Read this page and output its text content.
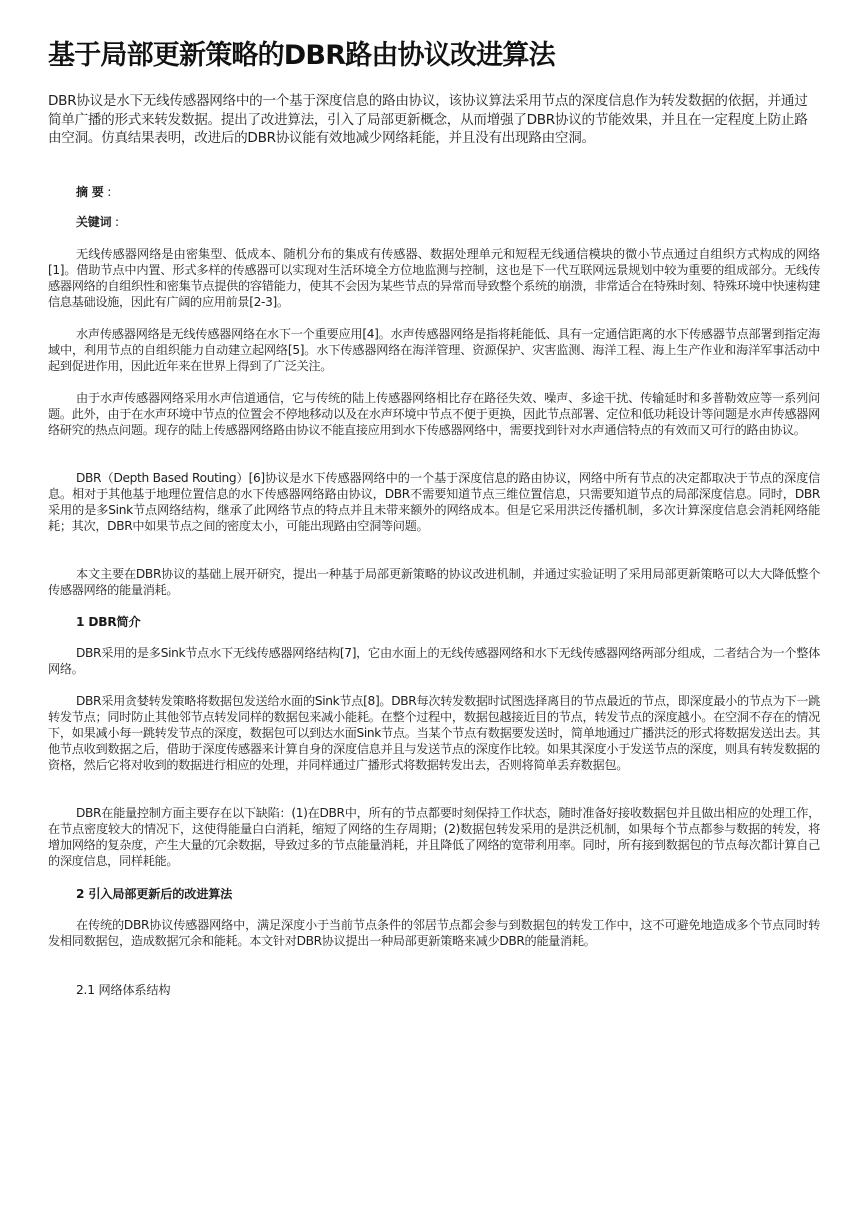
基于局部更新策略的DBR路由协议改进算法
DBR协议是水下无线传感器网络中的一个基于深度信息的路由协议，该协议算法采用节点的深度信息作为转发数据的依据，并通过简单广播的形式来转发数据。提出了改进算法，引入了局部更新概念，从而增强了DBR协议的节能效果，并且在一定程度上防止路由空洞。仿真结果表明，改进后的DBR协议能有效地减少网络耗能，并且没有出现路由空洞。
摘 要 :
关键词 :
无线传感器网络是由密集型、低成本、随机分布的集成有传感器、数据处理单元和短程无线通信模块的微小节点通过自组织方式构成的网络[1]。借助节点中内置、形式多样的传感器可以实现对生活环境全方位地监测与控制，这也是下一代互联网远景规划中较为重要的组成部分。无线传感器网络的自组织性和密集节点提供的容错能力，使其不会因为某些节点的异常而导致整个系统的崩溃，非常适合在特殊时刻、特殊环境中快速构建信息基础设施，因此有广阔的应用前景[2-3]。
水声传感器网络是无线传感器网络在水下一个重要应用[4]。水声传感器网络是指将耗能低、具有一定通信距离的水下传感器节点部署到指定海域中，利用节点的自组织能力自动建立起网络[5]。水下传感器网络在海洋管理、资源保护、灾害监测、海洋工程、海上生产作业和海洋军事活动中起到促进作用，因此近年来在世界上得到了广泛关注。
由于水声传感器网络采用水声信道通信，它与传统的陆上传感器网络相比存在路径失效、噪声、多途干扰、传输延时和多普勒效应等一系列问题。此外，由于在水声环境中节点的位置会不停地移动以及在水声环境中节点不便于更换，因此节点部署、定位和低功耗设计等问题是水声传感器网络研究的热点问题。现存的陆上传感器网络路由协议不能直接应用到水下传感器网络中，需要找到针对水声通信特点的有效而又可行的路由协议。
DBR（Depth Based Routing）[6]协议是水下传感器网络中的一个基于深度信息的路由协议，网络中所有节点的决定都取决于节点的深度信息。相对于其他基于地理位置信息的水下传感器网络路由协议，DBR不需要知道节点三维位置信息，只需要知道节点的局部深度信息。同时，DBR采用的是多Sink节点网络结构，继承了此网络节点的特点并且未带来额外的网络成本。但是它采用洪泛传播机制，多次计算深度信息会消耗网络能耗；其次，DBR中如果节点之间的密度太小，可能出现路由空洞等问题。
本文主要在DBR协议的基础上展开研究，提出一种基于局部更新策略的协议改进机制，并通过实验证明了采用局部更新策略可以大大降低整个传感器网络的能量消耗。
1 DBR简介
DBR采用的是多Sink节点水下无线传感器网络结构[7]，它由水面上的无线传感器网络和水下无线传感器网络两部分组成，二者结合为一个整体网络。
DBR采用贪婪转发策略将数据包发送给水面的Sink节点[8]。DBR每次转发数据时试图选择离目的节点最近的节点，即深度最小的节点为下一跳转发节点；同时防止其他邻节点转发同样的数据包来减小能耗。在整个过程中，数据包越接近目的节点，转发节点的深度越小。在空洞不存在的情况下，如果减小每一跳转发节点的深度，数据包可以到达水面Sink节点。当某个节点有数据要发送时，简单地通过广播洪泛的形式将数据发送出去。其他节点收到数据之后，借助于深度传感器来计算自身的深度信息并且与发送节点的深度作比较。如果其深度小于发送节点的深度，则具有转发数据的资格，然后它将对收到的数据进行相应的处理，并同样通过广播形式将数据转发出去，否则将简单丢弃数据包。
DBR在能量控制方面主要存在以下缺陷：(1)在DBR中，所有的节点都要时刻保持工作状态，随时准备好接收数据包并且做出相应的处理工作，在节点密度较大的情况下，这使得能量白白消耗，缩短了网络的生存周期；(2)数据包转发采用的是洪泛机制，如果每个节点都参与数据的转发，将增加网络的复杂度，产生大量的冗余数据，导致过多的节点能量消耗，并且降低了网络的宽带利用率。同时，所有接到数据包的节点每次都计算自己的深度信息，同样耗能。
2 引入局部更新后的改进算法
在传统的DBR协议传感器网络中，满足深度小于当前节点条件的邻居节点都会参与到数据包的转发工作中，这不可避免地造成多个节点同时转发相同数据包，造成数据冗余和能耗。本文针对DBR协议提出一种局部更新策略来减少DBR的能量消耗。
2.1 网络体系结构
